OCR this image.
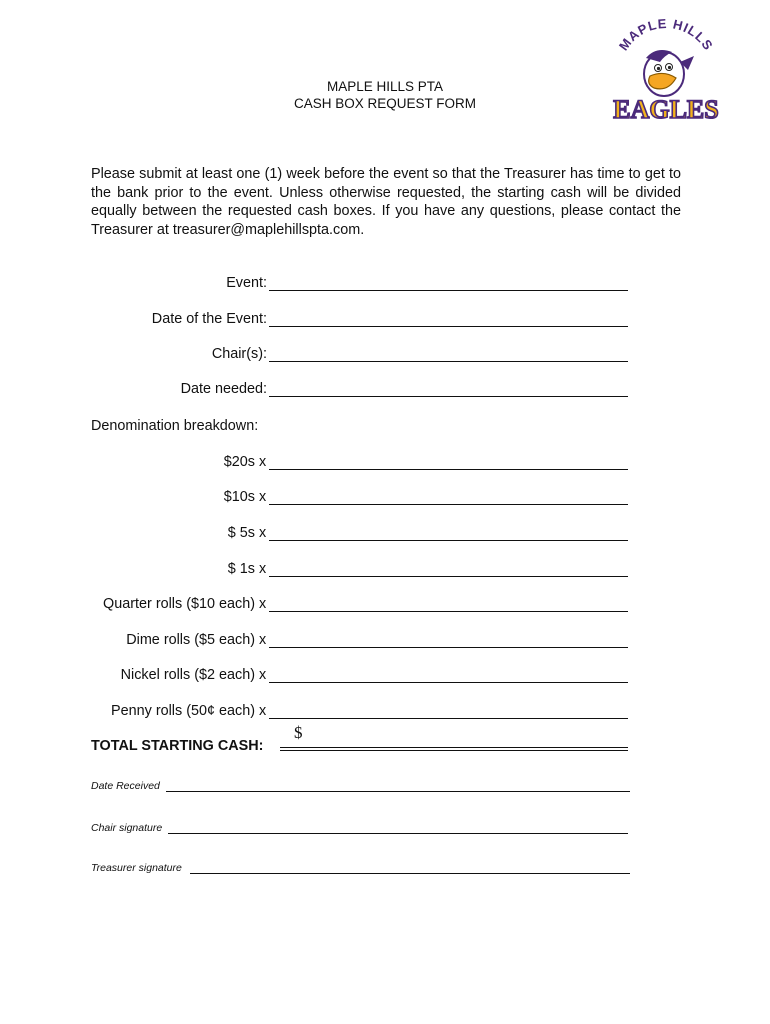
MAPLE HILLS PTA
CASH BOX REQUEST FORM
MAPLE HILLS
EAGLES
Please submit at least one (1) week before the event so that the Treasurer has time to get to the bank prior to the event. Unless otherwise requested, the starting cash will be divided equally between the requested cash boxes. If you have any questions, please contact the Treasurer at treasurer@maplehillspta.com.
Event:
Date of the Event:
Chair(s):
Date needed:
Denomination breakdown:
$20s x
$10s x
$ 5s x
$ 1s x
Quarter rolls ($10 each) x
Dime rolls ($5 each) x
Nickel rolls ($2 each) x
Penny rolls (50¢ each) x
TOTAL STARTING CASH:
$
Date Received
Chair signature
Treasurer signature
